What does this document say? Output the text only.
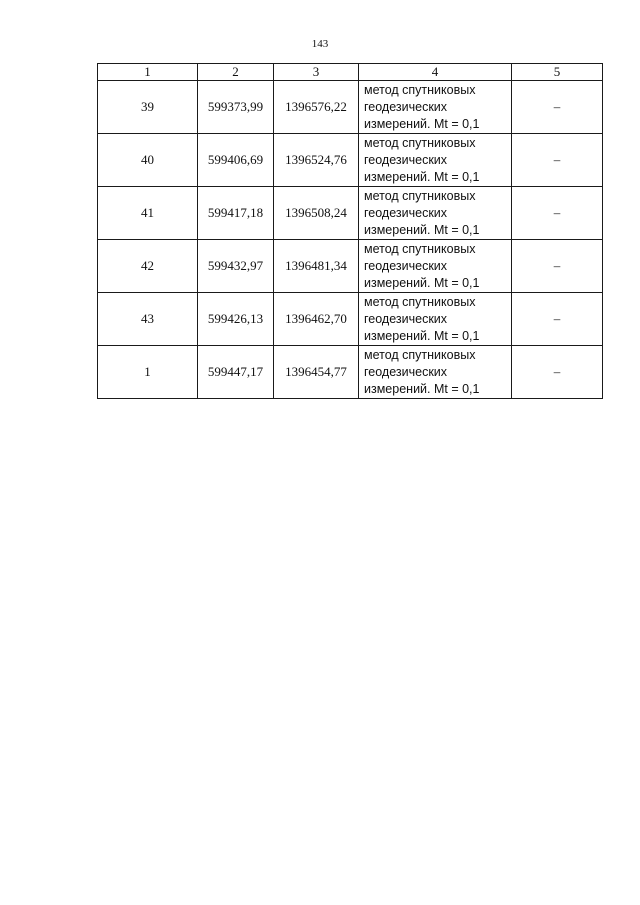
143
1	2	3	4	5
39	599373,99	1396576,22	метод спутниковых
геодезических
измерений. Mt = 0,1	–
40	599406,69	1396524,76	метод спутниковых
геодезических
измерений. Mt = 0,1	–
41	599417,18	1396508,24	метод спутниковых
геодезических
измерений. Mt = 0,1	–
42	599432,97	1396481,34	метод спутниковых
геодезических
измерений. Mt = 0,1	–
43	599426,13	1396462,70	метод спутниковых
геодезических
измерений. Mt = 0,1	–
1	599447,17	1396454,77	метод спутниковых
геодезических
измерений. Mt = 0,1	–
